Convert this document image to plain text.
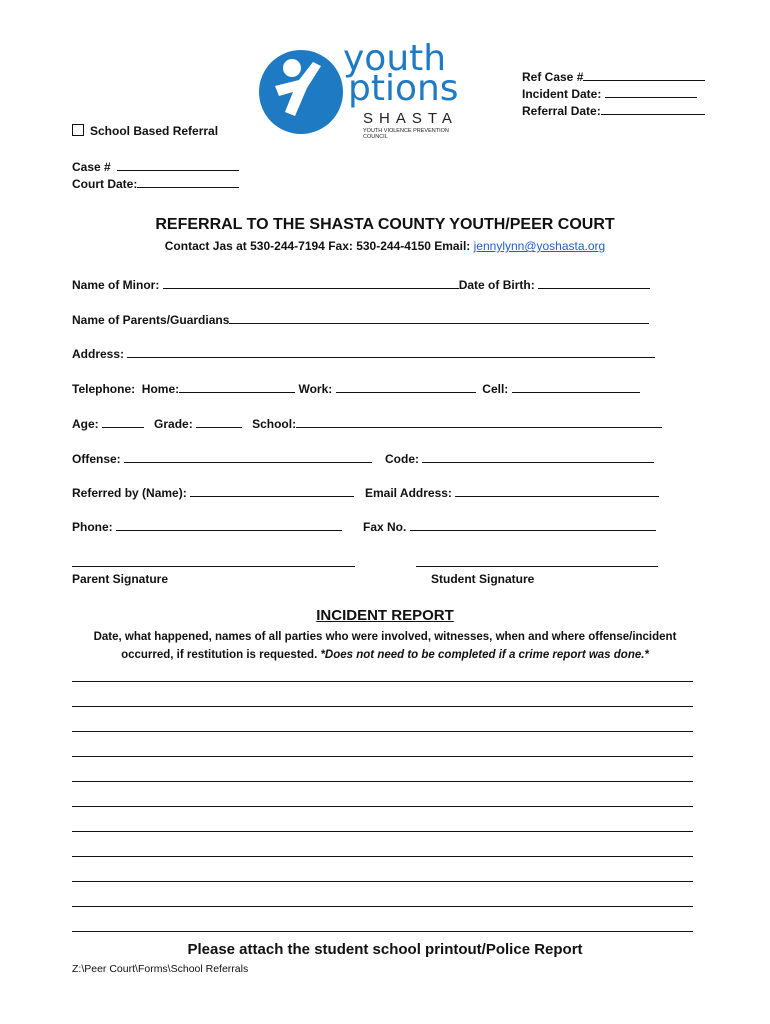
youth
ptions
SHASTA
YOUTH VIOLENCE PREVENTION COUNCIL
Ref Case #
Incident Date:
Referral Date:
School Based Referral
Case #
Court Date:
REFERRAL TO THE SHASTA COUNTY YOUTH/PEER COURT
Contact Jas at 530-244-7194 Fax: 530-244-4150 Email: jennylynn@yoshasta.org
Name of Minor:	Date of Birth:
Name of Parents/Guardians
Address:
Telephone: Home:	Work:	Cell:
Age:	Grade:	School:
Offense:	Code:
Referred by (Name):	Email Address:
Phone:	Fax No.
Parent Signature	Student Signature
INCIDENT REPORT
Date, what happened, names of all parties who were involved, witnesses, when and where offense/incident
occurred, if restitution is requested. *Does not need to be completed if a crime report was done.*
Please attach the student school printout/Police Report
Z:\Peer Court\Forms\School Referrals
